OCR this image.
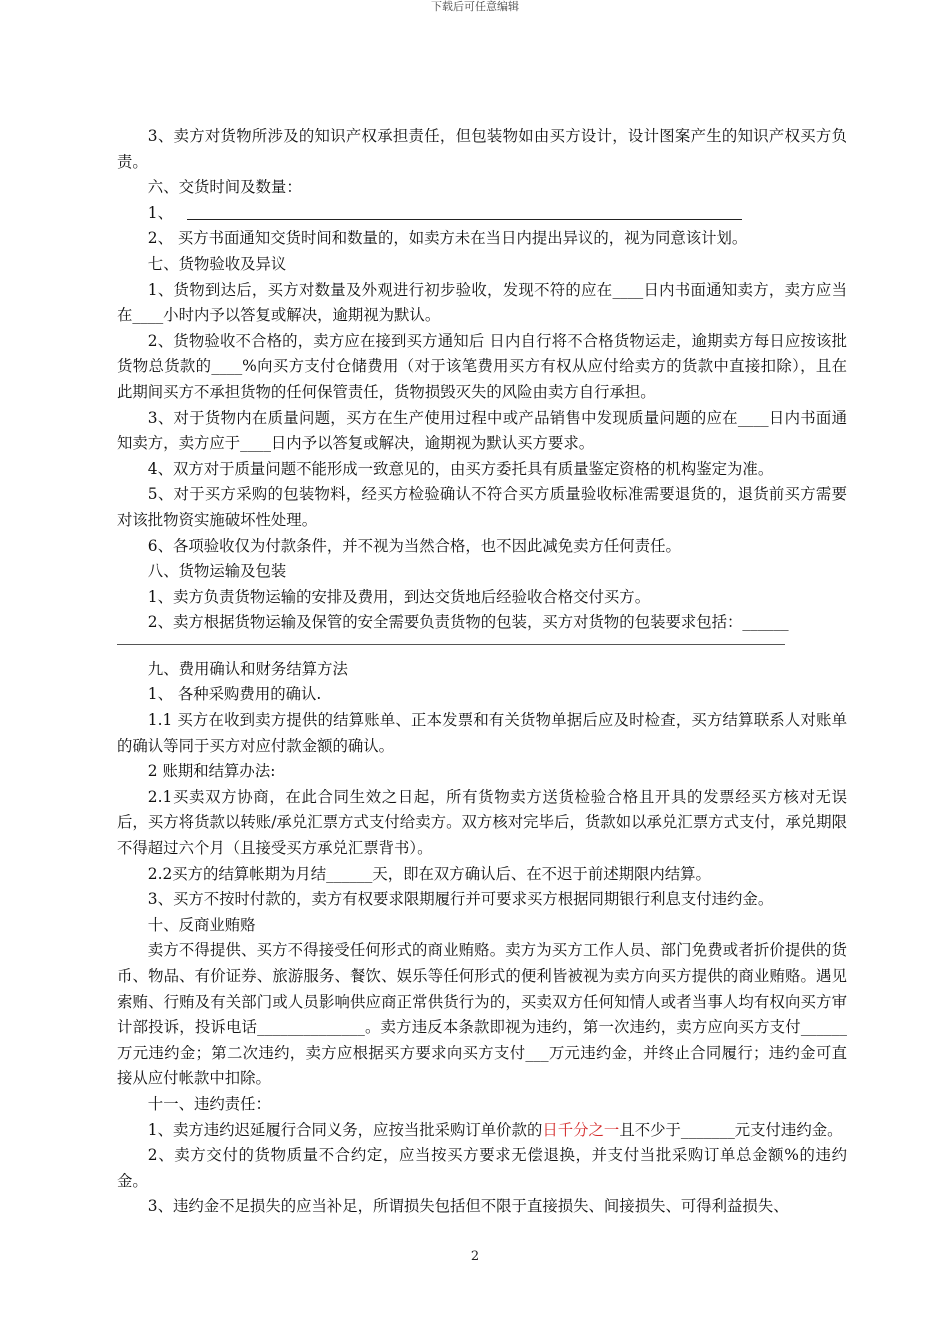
下载后可任意编辑

3、卖方对货物所涉及的知识产权承担责任，但包装物如由买方设计，设计图案产生的知识产权买方负责。

六、交货时间及数量：

1、

2、 买方书面通知交货时间和数量的，如卖方未在当日内提出异议的，视为同意该计划。

七、货物验收及异议

1、货物到达后，买方对数量及外观进行初步验收，发现不符的应在____日内书面通知卖方，卖方应当在____小时内予以答复或解决，逾期视为默认。

2、货物验收不合格的，卖方应在接到买方通知后 日内自行将不合格货物运走，逾期卖方每日应按该批货物总货款的____%向买方支付仓储费用（对于该笔费用买方有权从应付给卖方的货款中直接扣除），且在此期间买方不承担货物的任何保管责任，货物损毁灭失的风险由卖方自行承担。

3、对于货物内在质量问题，买方在生产使用过程中或产品销售中发现质量问题的应在____日内书面通知卖方，卖方应于____日内予以答复或解决，逾期视为默认买方要求。

4、双方对于质量问题不能形成一致意见的，由买方委托具有质量鉴定资格的机构鉴定为准。

5、对于买方采购的包装物料，经买方检验确认不符合买方质量验收标准需要退货的，退货前买方需要对该批物资实施破坏性处理。

6、各项验收仅为付款条件，并不视为当然合格，也不因此减免卖方任何责任。

八、货物运输及包装

1、卖方负责货物运输的安排及费用，到达交货地后经验收合格交付买方。

2、卖方根据货物运输及保管的安全需要负责货物的包装，买方对货物的包装要求包括：______

九、费用确认和财务结算方法

1、 各种采购费用的确认.

1.1 买方在收到卖方提供的结算账单、正本发票和有关货物单据后应及时检查，买方结算联系人对账单的确认等同于买方对应付款金额的确认。

2 账期和结算办法:

2.1买卖双方协商，在此合同生效之日起，所有货物卖方送货检验合格且开具的发票经买方核对无误后，买方将货款以转账/承兑汇票方式支付给卖方。双方核对完毕后，货款如以承兑汇票方式支付，承兑期限不得超过六个月（且接受买方承兑汇票背书）。

2.2买方的结算帐期为月结______天，即在双方确认后、在不迟于前述期限内结算。

3、买方不按时付款的，卖方有权要求限期履行并可要求买方根据同期银行利息支付违约金。

十、反商业贿赂

卖方不得提供、买方不得接受任何形式的商业贿赂。卖方为买方工作人员、部门免费或者折价提供的货币、物品、有价证券、旅游服务、餐饮、娱乐等任何形式的便利皆被视为卖方向买方提供的商业贿赂。遇见索贿、行贿及有关部门或人员影响供应商正常供货行为的，买卖双方任何知情人或者当事人均有权向买方审计部投诉，投诉电话______________。卖方违反本条款即视为违约，第一次违约，卖方应向买方支付______万元违约金；第二次违约，卖方应根据买方要求向买方支付___万元违约金，并终止合同履行；违约金可直接从应付帐款中扣除。

十一、违约责任：

1、卖方违约迟延履行合同义务，应按当批采购订单价款的日千分之一且不少于_______元支付违约金。

2、卖方交付的货物质量不合约定，应当按买方要求无偿退换，并支付当批采购订单总金额%的违约金。

3、违约金不足损失的应当补足，所谓损失包括但不限于直接损失、间接损失、可得利益损失、

2
